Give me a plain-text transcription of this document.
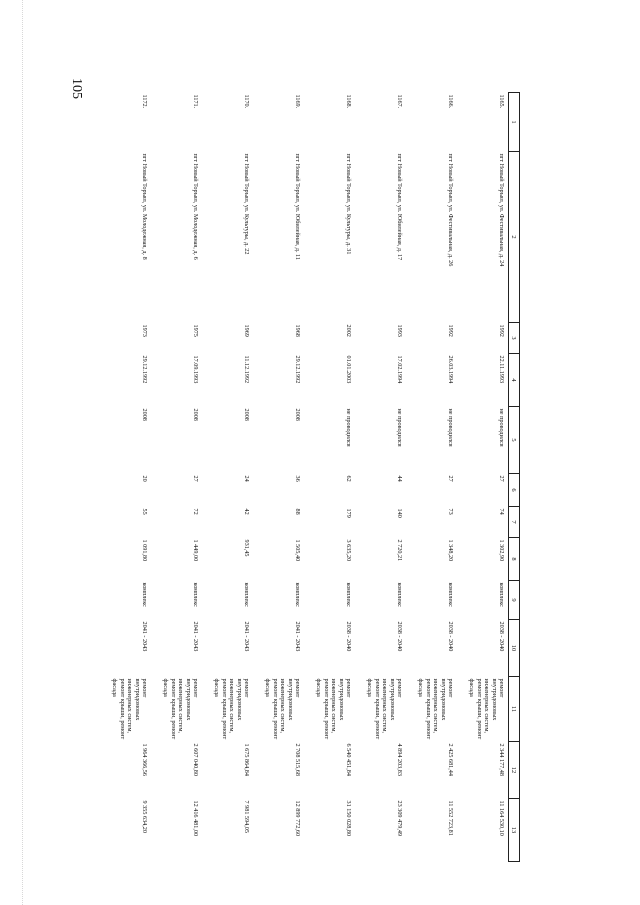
105
1	2	3	4	5	6	7	8	9	10	11	12	13
1165.	пгт Новый Торъял, ул. Фестивальная, д. 24	1992	22.11.1993	не проводился	27	74	1 302,90	комплекс	2038 - 2040	ремонт внутридомовых инженерных систем, ремонт крыши, ремонт фасада	2 344 177,48	11 164 530,10
1166.	пгт Новый Торъял, ул. Фестивальная, д. 26	1992	26.03.1994	не проводился	27	73	1 348,20	комплекс	2038 - 2040	ремонт внутридомовых инженерных систем, ремонт крыши, ремонт фасада	2 425 681,44	11 552 723,81
1167.	пгт Новый Торъял, ул. Юбилейная, д. 17	1993	17.02.1994	не проводился	44	140	2 720,21	комплекс	2038 - 2040	ремонт внутридомовых инженерных систем, ремонт крыши, ремонт фасада	4 894 203,83	23 309 479,49
1168.	пгт Новый Торъял, ул. Культуры, д. 31	2002	01.01.2003	не проводился	62	179	3 635,20	комплекс	2038 - 2040	ремонт внутридомовых инженерных систем, ремонт крыши, ремонт фасада	6 540 451,84	31 150 028,80
1169.	пгт Новый Торъял, ул. Юбилейная, д. 11	1968	29.12.1992	2008	36	88	1 505,40	комплекс	2041 - 2043	ремонт внутридомовых инженерных систем, ремонт крыши, ремонт фасада	2 708 515,68	12 899 772,60
1170.	пгт Новый Торъял, ул. Культуры, д. 22	1969	11.12.1992	2008	24	42	931,45	комплекс	2041 - 2043	ремонт внутридомовых инженерных систем, ремонт крыши, ремонт фасада	1 675 864,84	7 981 594,05
1171.	пгт Новый Торъял, ул. Молодежная, д. 6	1975	17.09.1993	2008	27	72	1 449,00	комплекс	2041 - 2043	ремонт внутридомовых инженерных систем, ремонт крыши, ремонт фасада	2 607 040,80	12 416 481,00
1172.	пгт Новый Торъял, ул. Молодежная, д. 8	1973	29.12.1992	2008	20	55	1 091,80	комплекс	2041 - 2043	ремонт внутридомовых инженерных систем, ремонт крыши, ремонт фасада	1 964 366,56	9 355 634,20
